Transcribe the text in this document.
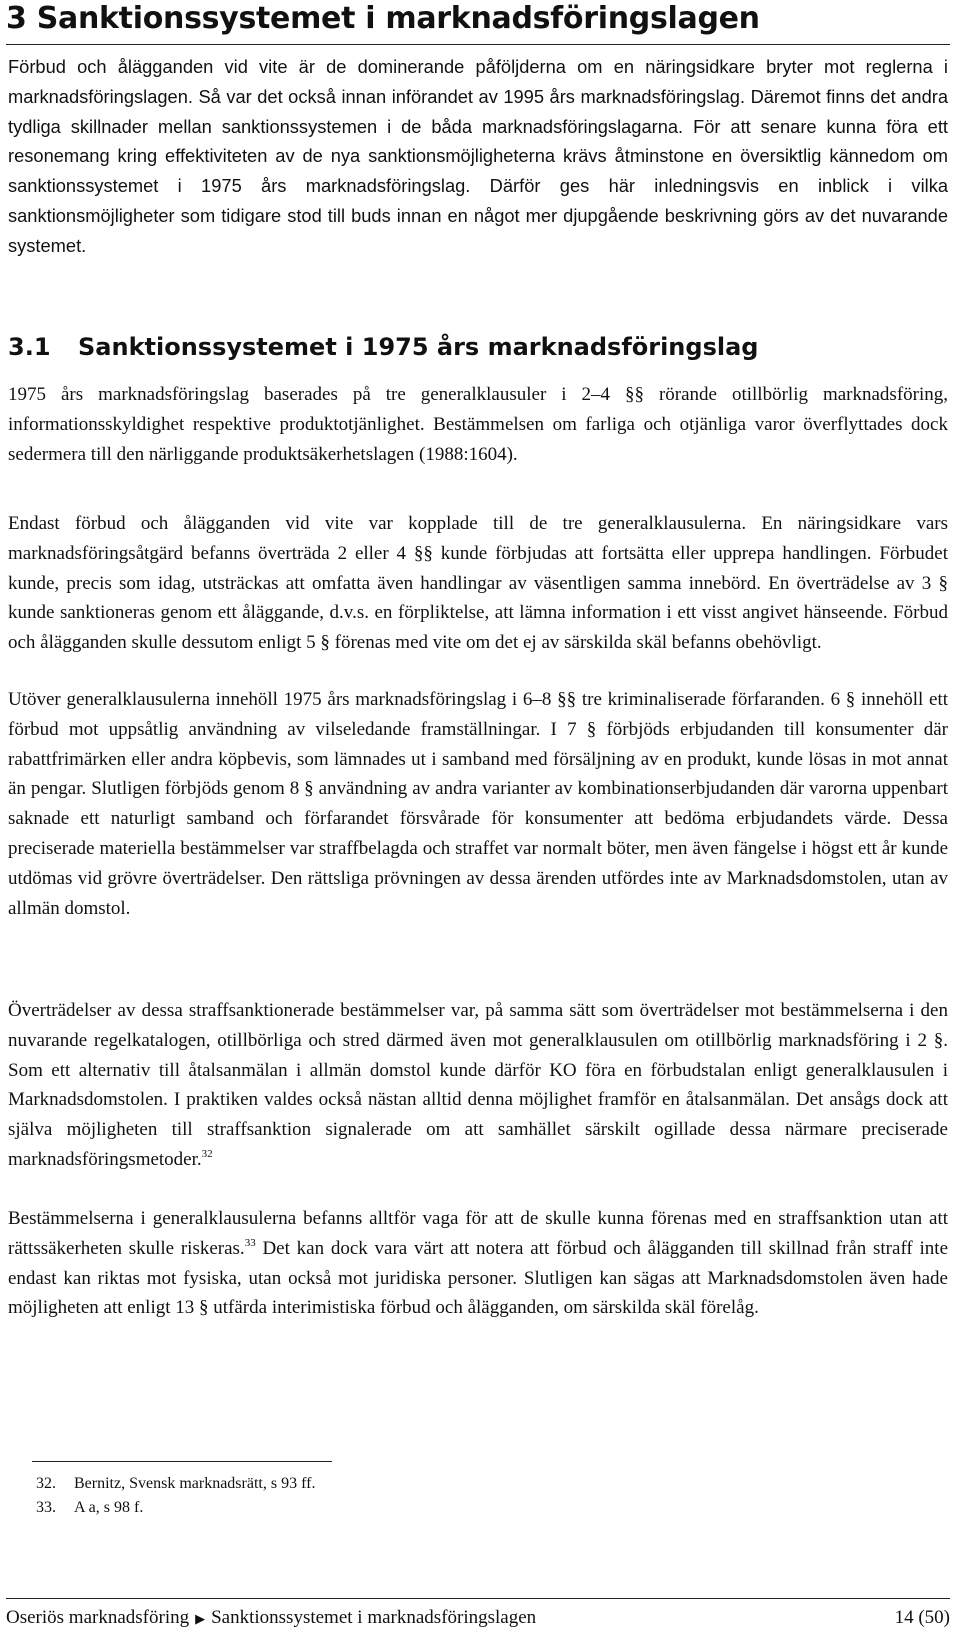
3 Sanktionssystemet i marknadsföringslagen

Förbud och ålägganden vid vite är de dominerande påföljderna om en näringsidkare bryter mot reglerna i marknadsföringslagen. Så var det också innan införandet av 1995 års marknadsföringslag. Däremot finns det andra tydliga skillnader mellan sanktionssystemen i de båda marknadsföringslagarna. För att senare kunna föra ett resonemang kring effektiviteten av de nya sanktionsmöjligheterna krävs åtminstone en översiktlig kännedom om sanktionssystemet i 1975 års marknadsföringslag. Därför ges här inledningsvis en inblick i vilka sanktionsmöjligheter som tidigare stod till buds innan en något mer djupgående beskrivning görs av det nuvarande systemet.

3.1 Sanktionssystemet i 1975 års marknadsföringslag

1975 års marknadsföringslag baserades på tre generalklausuler i 2–4 §§ rörande otillbörlig marknadsföring, informationsskyldighet respektive produktotjänlighet. Bestämmelsen om farliga och otjänliga varor överflyttades dock sedermera till den närliggande produktsäkerhetslagen (1988:1604).

Endast förbud och ålägganden vid vite var kopplade till de tre generalklausulerna. En näringsidkare vars marknadsföringsåtgärd befanns överträda 2 eller 4 §§ kunde förbjudas att fortsätta eller upprepa handlingen. Förbudet kunde, precis som idag, utsträckas att omfatta även handlingar av väsentligen samma innebörd. En överträdelse av 3 § kunde sanktioneras genom ett åläggande, d.v.s. en förpliktelse, att lämna information i ett visst angivet hänseende. Förbud och ålägganden skulle dessutom enligt 5 § förenas med vite om det ej av särskilda skäl befanns obehövligt.

Utöver generalklausulerna innehöll 1975 års marknadsföringslag i 6–8 §§ tre kriminaliserade förfaranden. 6 § innehöll ett förbud mot uppsåtlig användning av vilseledande framställningar. I 7 § förbjöds erbjudanden till konsumenter där rabattfrimärken eller andra köpbevis, som lämnades ut i samband med försäljning av en produkt, kunde lösas in mot annat än pengar. Slutligen förbjöds genom 8 § användning av andra varianter av kombinationserbjudanden där varorna uppenbart saknade ett naturligt samband och förfarandet försvårade för konsumenter att bedöma erbjudandets värde. Dessa preciserade materiella bestämmelser var straffbelagda och straffet var normalt böter, men även fängelse i högst ett år kunde utdömas vid grövre överträdelser. Den rättsliga prövningen av dessa ärenden utfördes inte av Marknadsdomstolen, utan av allmän domstol.

Överträdelser av dessa straffsanktionerade bestämmelser var, på samma sätt som överträdelser mot bestämmelserna i den nuvarande regelkatalogen, otillbörliga och stred därmed även mot generalklausulen om otillbörlig marknadsföring i 2 §. Som ett alternativ till åtalsanmälan i allmän domstol kunde därför KO föra en förbudstalan enligt generalklausulen i Marknadsdomstolen. I praktiken valdes också nästan alltid denna möjlighet framför en åtalsanmälan. Det ansågs dock att själva möjligheten till straffsanktion signalerade om att samhället särskilt ogillade dessa närmare preciserade marknadsföringsmetoder.$^{32}$

Bestämmelserna i generalklausulerna befanns alltför vaga för att de skulle kunna förenas med en straffsanktion utan att rättssäkerheten skulle riskeras.$^{33}$ Det kan dock vara värt att notera att förbud och ålägganden till skillnad från straff inte endast kan riktas mot fysiska, utan också mot juridiska personer. Slutligen kan sägas att Marknadsdomstolen även hade möjligheten att enligt 13 § utfärda interimistiska förbud och ålägganden, om särskilda skäl förelåg.

32. Bernitz, Svensk marknadsrätt, s 93 ff.
33. A a, s 98 f.
Oseriös marknadsföring ▶ Sanktionssystemet i marknadsföringslagen	14 (50)
